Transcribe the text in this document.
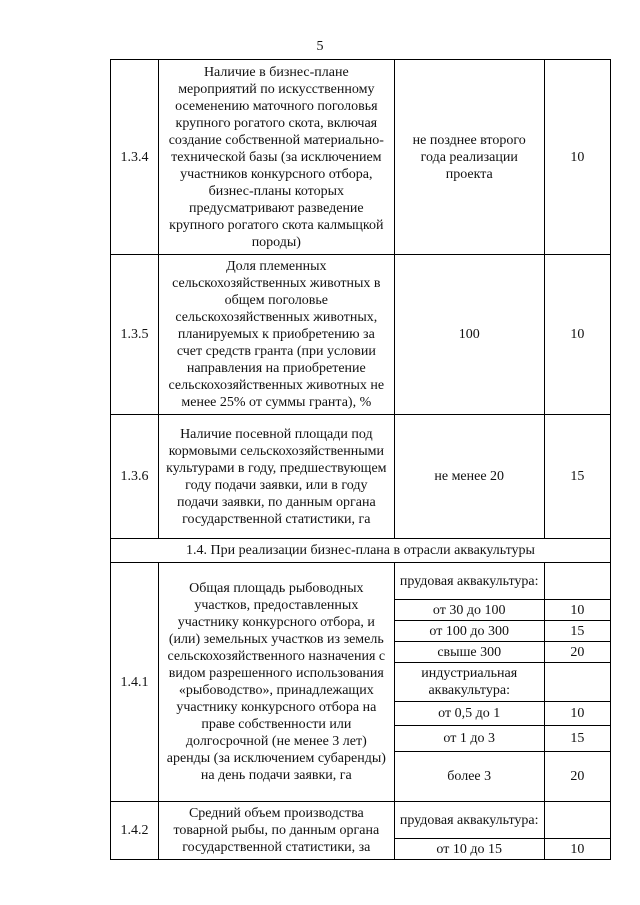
5
1.3.4	Наличие в бизнес-плане мероприятий по искусственному осеменению маточного поголовья крупного рогатого скота, включая создание собственной материально-технической базы (за исключением участников конкурсного отбора, бизнес-планы которых предусматривают разведение крупного рогатого скота калмыцкой породы)	не позднее второго года реализации проекта	10
1.3.5	Доля племенных сельскохозяйственных животных в общем поголовье сельскохозяйственных животных, планируемых к приобретению за счет средств гранта (при условии направления на приобретение сельскохозяйственных животных не менее 25% от суммы гранта), %	100	10
1.3.6	Наличие посевной площади под кормовыми сельскохозяйственными культурами в году, предшествующем году подачи заявки, или в году подачи заявки, по данным органа государственной статистики, га	не менее 20	15
1.4. При реализации бизнес-плана в отрасли аквакультуры			
1.4.1	Общая площадь рыбоводных участков, предоставленных участнику конкурсного отбора, и (или) земельных участков из земель сельскохозяйственного назначения с видом разрешенного использования «рыбоводство», принадлежащих участнику конкурсного отбора на праве собственности или долгосрочной (не менее 3 лет) аренды (за исключением субаренды) на день подачи заявки, га	прудовая аквакультура:	
		от 30 до 100	10
		от 100 до 300	15
		свыше 300	20
		индустриальная аквакультура:	
		от 0,5 до 1	10
		от 1 до 3	15
		более 3	20
1.4.2	Средний объем производства товарной рыбы, по данным органа государственной статистики, за	прудовая аквакультура:	
		от 10 до 15	10
